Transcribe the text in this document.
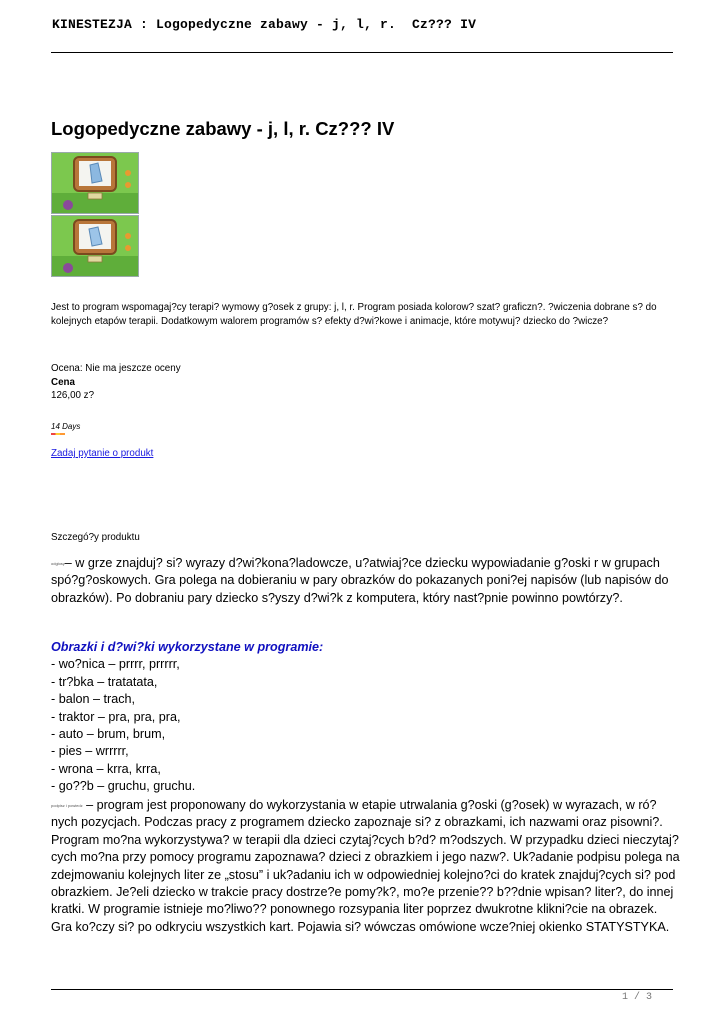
KINESTEZJA : Logopedyczne zabawy - j, l, r.  Cz??? IV
Logopedyczne zabawy - j, l, r. Cz??? IV
Jest to program wspomagaj?cy terapi? wymowy g?osek z grupy: j, l, r. Program posiada kolorow? szat? graficzn?. ?wiczenia dobrane s? do kolejnych etapów terapii. Dodatkowym walorem programów s? efekty d?wi?kowe i animacje, które motywuj? dziecko do ?wicze?
Ocena: Nie ma jeszcze oceny
Cena
126,00 z?
14 Days
Zadaj pytanie o produkt
Szczegó?y produktu
odgłosy– w grze znajduj? si? wyrazy d?wi?kona?ladowcze, u?atwiaj?ce dziecku wypowiadanie g?oski r w grupach spó?g?oskowych. Gra polega na dobieraniu w pary obrazków do pokazanych poni?ej napisów (lub napisów do obrazków). Po dobraniu pary dziecko s?yszy d?wi?k z komputera, który nast?pnie powinno powtórzy?.
Obrazki i d?wi?ki wykorzystane w programie:
- wo?nica – prrrr, prrrrr,
- tr?bka – tratatata,
- balon – trach,
- traktor – pra, pra, pra,
- auto – brum, brum,
- pies – wrrrrr,
- wrona – krra, krra,
- go??b – gruchu, gruchu.
podpisz i powiedz – program jest proponowany do wykorzystania w etapie utrwalania g?oski (g?osek) w wyrazach, w ró?nych pozycjach. Podczas pracy z programem dziecko zapoznaje si? z obrazkami, ich nazwami oraz pisowni?. Program mo?na wykorzystywa? w terapii dla dzieci czytaj?cych b?d? m?odszych. W przypadku dzieci nieczytaj?cych mo?na przy pomocy programu zapoznawa? dzieci z obrazkiem i jego nazw?. Uk?adanie podpisu polega na zdejmowaniu kolejnych liter ze „stosu” i uk?adaniu ich w odpowiedniej kolejno?ci do kratek znajduj?cych si? pod obrazkiem. Je?eli dziecko w trakcie pracy dostrze?e pomy?k?, mo?e przenie?? b??dnie wpisan? liter?, do innej kratki. W programie istnieje mo?liwo?? ponownego rozsypania liter poprzez dwukrotne klikni?cie na obrazek.
Gra ko?czy si? po odkryciu wszystkich kart. Pojawia si? wówczas omówione wcze?niej okienko STATYSTYKA.
1 / 3
